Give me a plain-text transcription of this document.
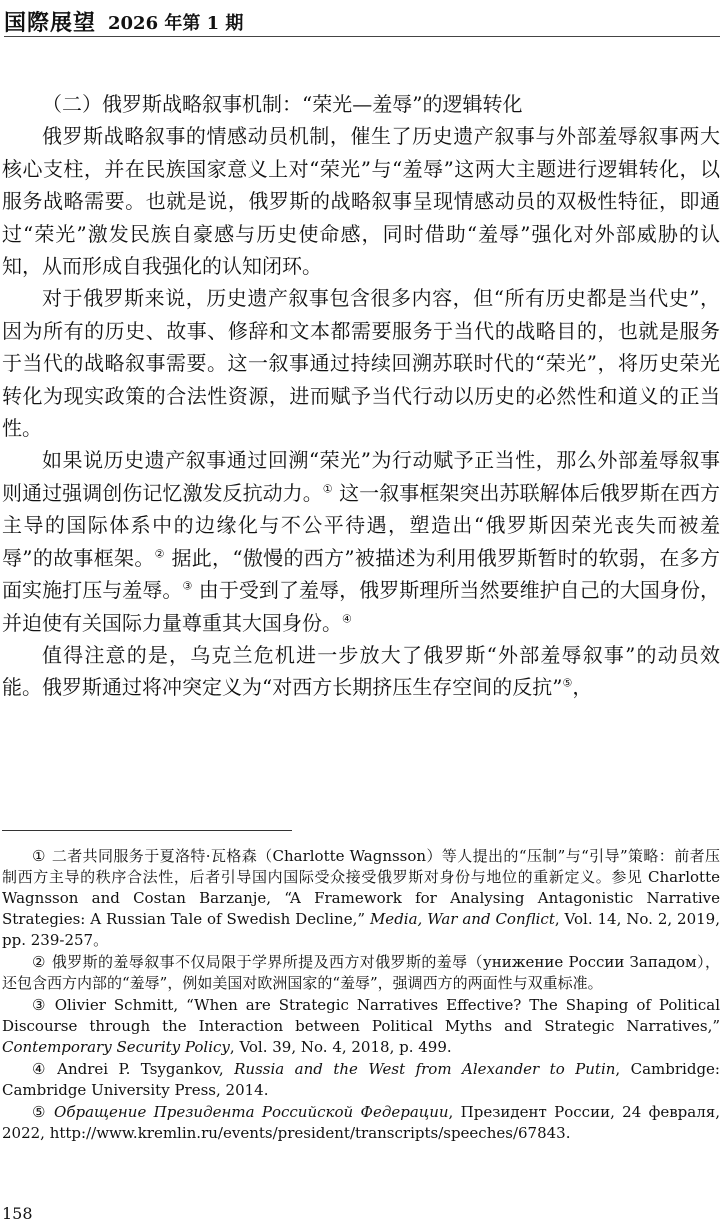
国際展望 2026 年第 1 期

（二）俄罗斯战略叙事机制：“荣光—羞辱”的逻辑转化

俄罗斯战略叙事的情感动员机制，催生了历史遗产叙事与外部羞辱叙事两大核心支柱，并在民族国家意义上对“荣光”与“羞辱”这两大主题进行逻辑转化，以服务战略需要。也就是说，俄罗斯的战略叙事呈现情感动员的双极性特征，即通过“荣光”激发民族自豪感与历史使命感，同时借助“羞辱”强化对外部威胁的认知，从而形成自我强化的认知闭环。

对于俄罗斯来说，历史遗产叙事包含很多内容，但“所有历史都是当代史”，因为所有的历史、故事、修辞和文本都需要服务于当代的战略目的，也就是服务于当代的战略叙事需要。这一叙事通过持续回溯苏联时代的“荣光”，将历史荣光转化为现实政策的合法性资源，进而赋予当代行动以历史的必然性和道义的正当性。

如果说历史遗产叙事通过回溯“荣光”为行动赋予正当性，那么外部羞辱叙事则通过强调创伤记忆激发反抗动力。① 这一叙事框架突出苏联解体后俄罗斯在西方主导的国际体系中的边缘化与不公平待遇，塑造出“俄罗斯因荣光丧失而被羞辱”的故事框架。② 据此，“傲慢的西方”被描述为利用俄罗斯暂时的软弱，在多方面实施打压与羞辱。③ 由于受到了羞辱，俄罗斯理所当然要维护自己的大国身份，并迫使有关国际力量尊重其大国身份。④

值得注意的是，乌克兰危机进一步放大了俄罗斯“外部羞辱叙事”的动员效能。俄罗斯通过将冲突定义为“对西方长期挤压生存空间的反抗”⑤，

① 二者共同服务于夏洛特·瓦格森（Charlotte Wagnsson）等人提出的“压制”与“引导”策略：前者压制西方主导的秩序合法性，后者引导国内国际受众接受俄罗斯对身份与地位的重新定义。参见 Charlotte Wagnsson and Costan Barzanje, “A Framework for Analysing Antagonistic Narrative Strategies: A Russian Tale of Swedish Decline,” Media, War and Conflict, Vol. 14, No. 2, 2019, pp. 239-257。

② 俄罗斯的羞辱叙事不仅局限于学界所提及西方对俄罗斯的羞辱（унижение России Западом），还包含西方内部的“羞辱”，例如美国对欧洲国家的“羞辱”，强调西方的两面性与双重标准。

③ Olivier Schmitt, “When are Strategic Narratives Effective? The Shaping of Political Discourse through the Interaction between Political Myths and Strategic Narratives,” Contemporary Security Policy, Vol. 39, No. 4, 2018, p. 499.

④ Andrei P. Tsygankov, Russia and the West from Alexander to Putin, Cambridge: Cambridge University Press, 2014.

⑤ Обращение Президента Российской Федерации, Президент России, 24 февраля, 2022, http://www.kremlin.ru/events/president/transcripts/speeches/67843.

158
